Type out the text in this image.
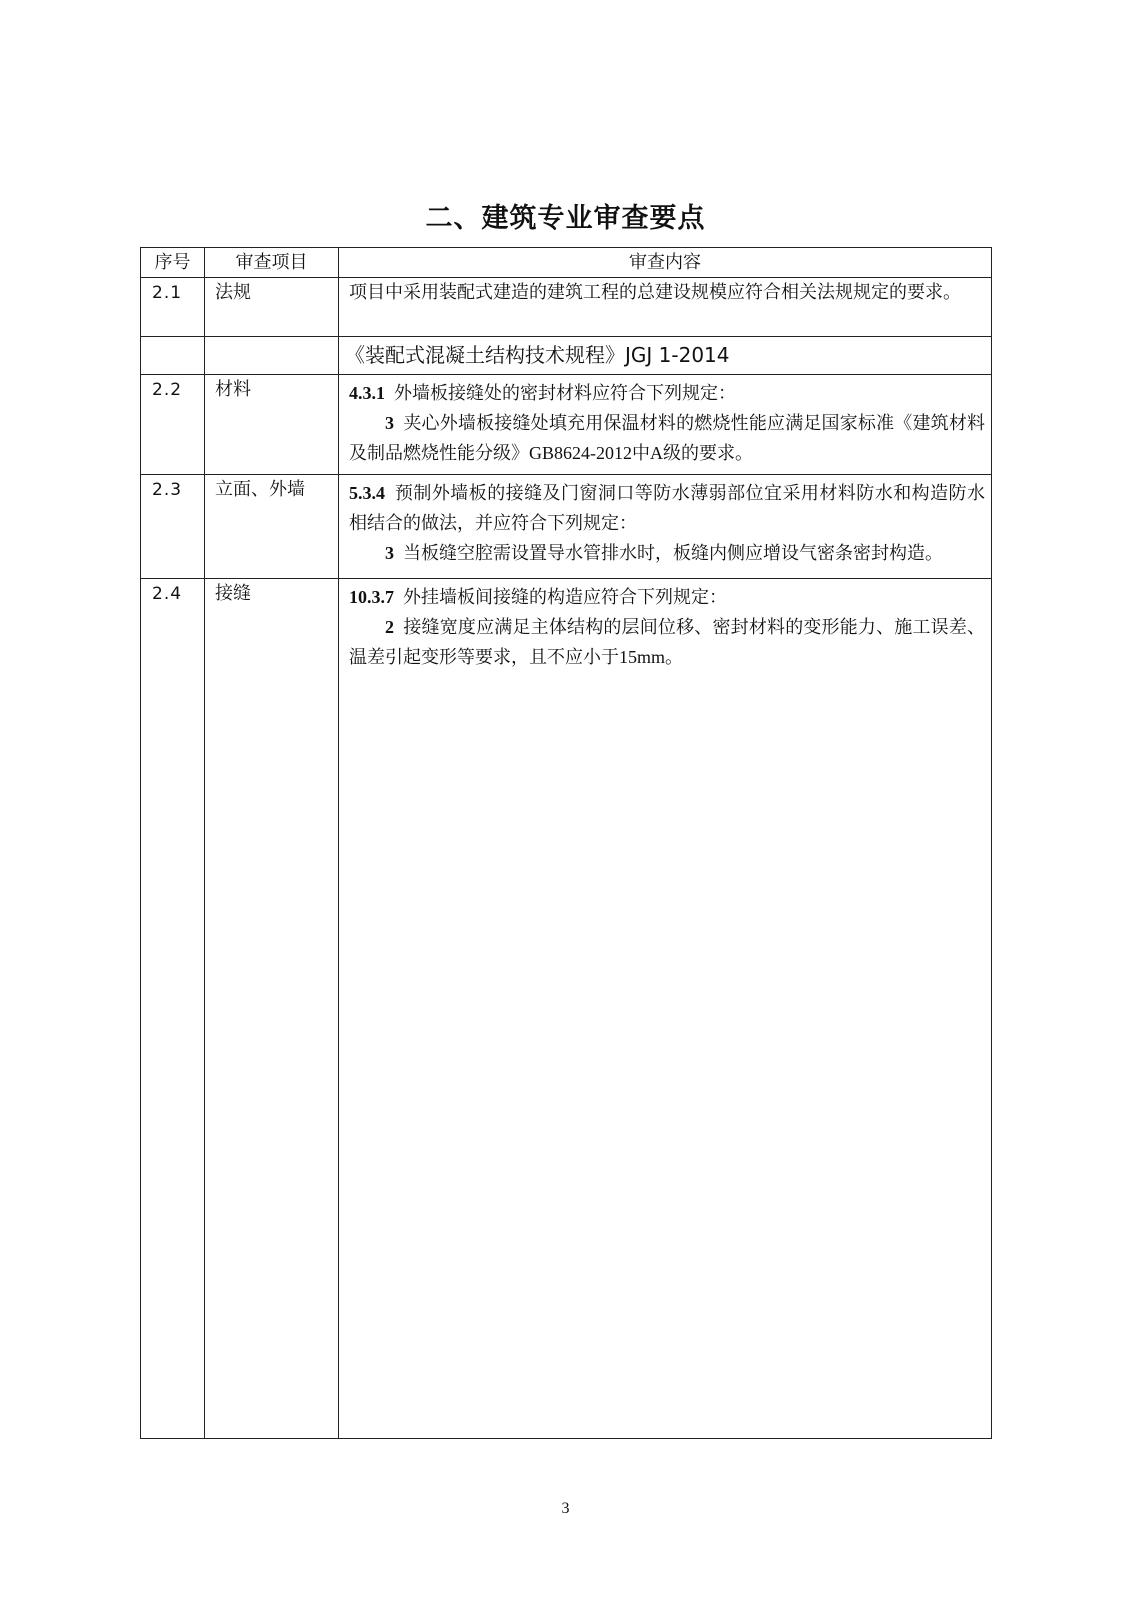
二、建筑专业审查要点
序号	审查项目	审查内容

2.1	法规	项目中采用装配式建造的建筑工程的总建设规模应符合相关法规规定的要求。

		《装配式混凝土结构技术规程》JGJ 1-2014

2.2	材料	4.3.1 外墙板接缝处的密封材料应符合下列规定：
3 夹心外墙板接缝处填充用保温材料的燃烧性能应满足国家标准《建筑材料及制品燃烧性能分级》GB8624-2012中A级的要求。

2.3	立面、外墙	5.3.4 预制外墙板的接缝及门窗洞口等防水薄弱部位宜采用材料防水和构造防水相结合的做法，并应符合下列规定：
3 当板缝空腔需设置导水管排水时，板缝内侧应增设气密条密封构造。

2.4	接缝	10.3.7 外挂墙板间接缝的构造应符合下列规定：
2 接缝宽度应满足主体结构的层间位移、密封材料的变形能力、施工误差、温差引起变形等要求，且不应小于15mm。
3
